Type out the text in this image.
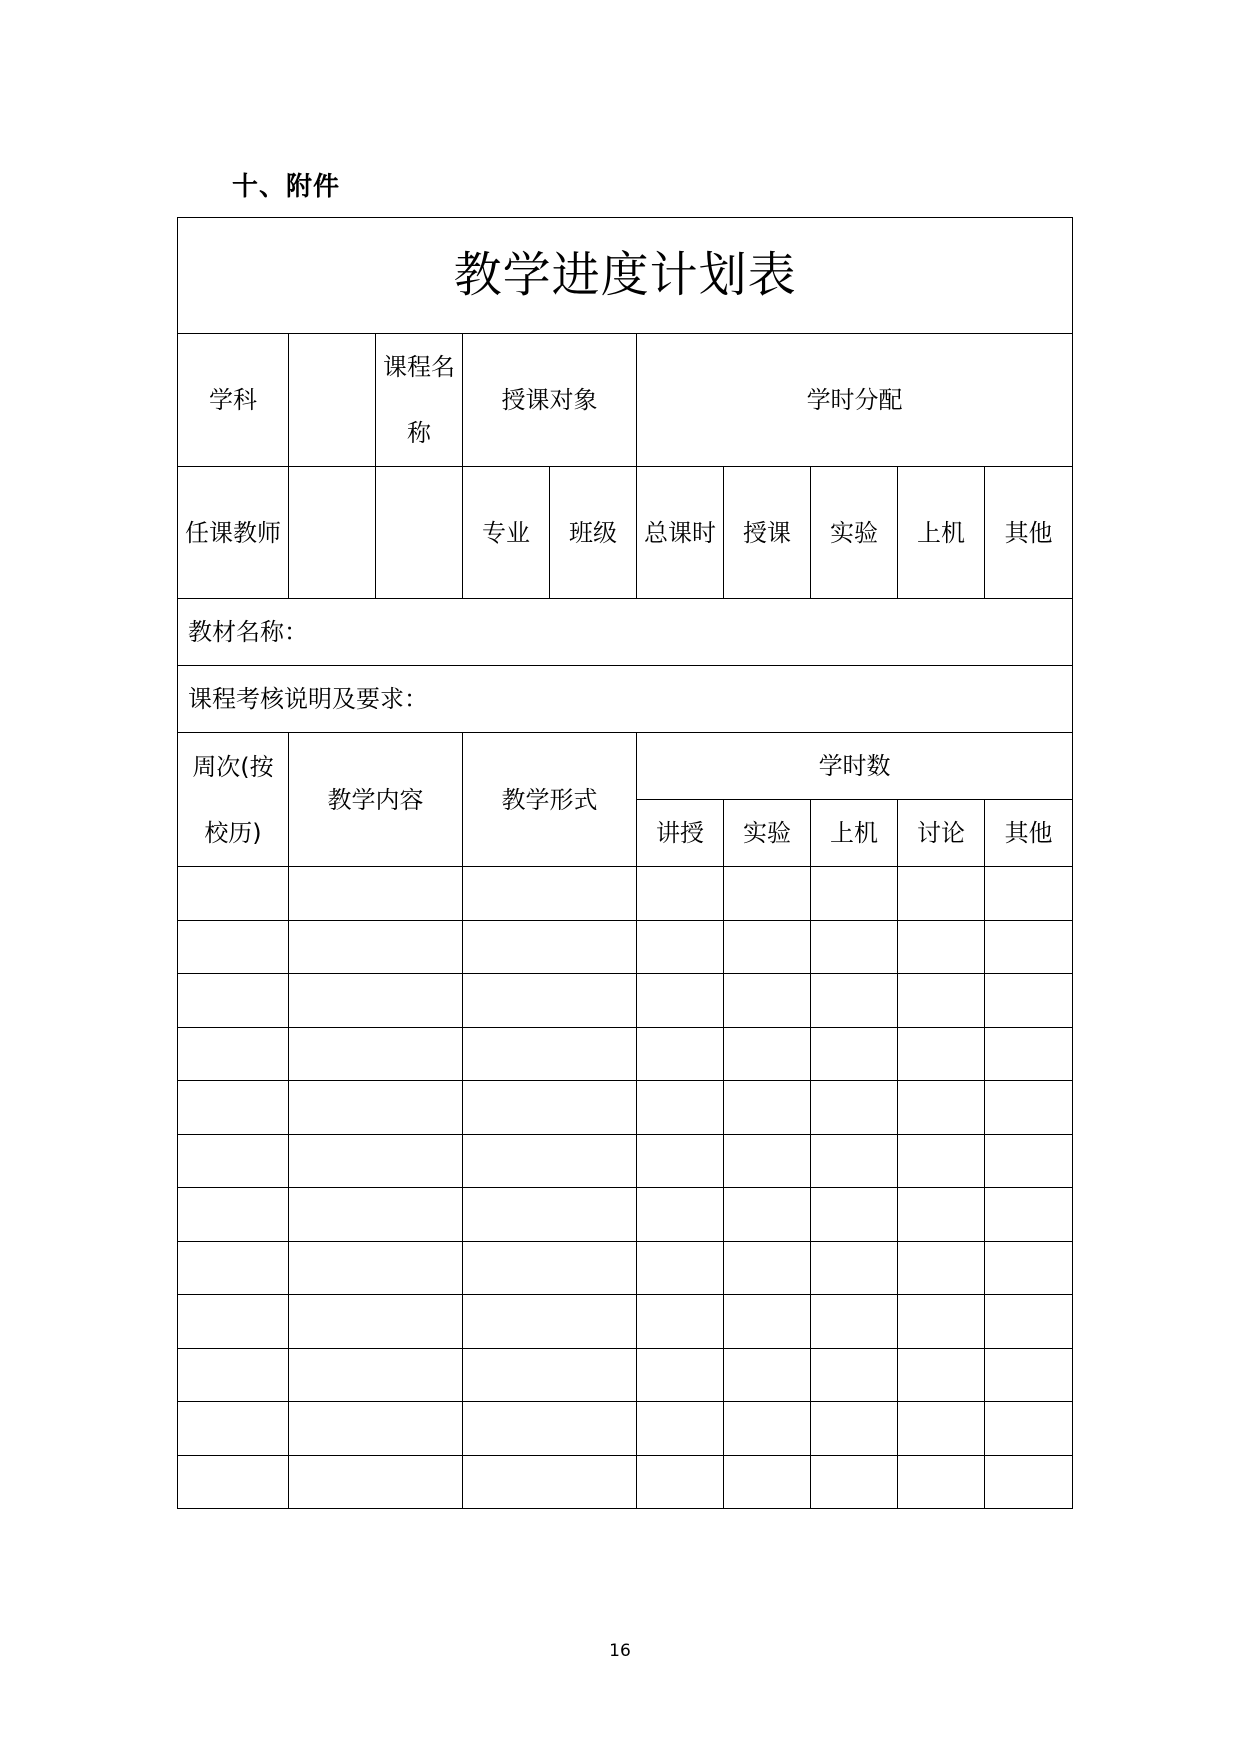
十、附件
教学进度计划表									
学科		课程名称	授课对象		学时分配				
任课教师			专业	班级	总课时	授课	实验	上机	其他
教材名称：									
课程考核说明及要求：									
周次(按校历)	教学内容		教学形式		学时数				
					讲授	实验	上机	讨论	其他

16
